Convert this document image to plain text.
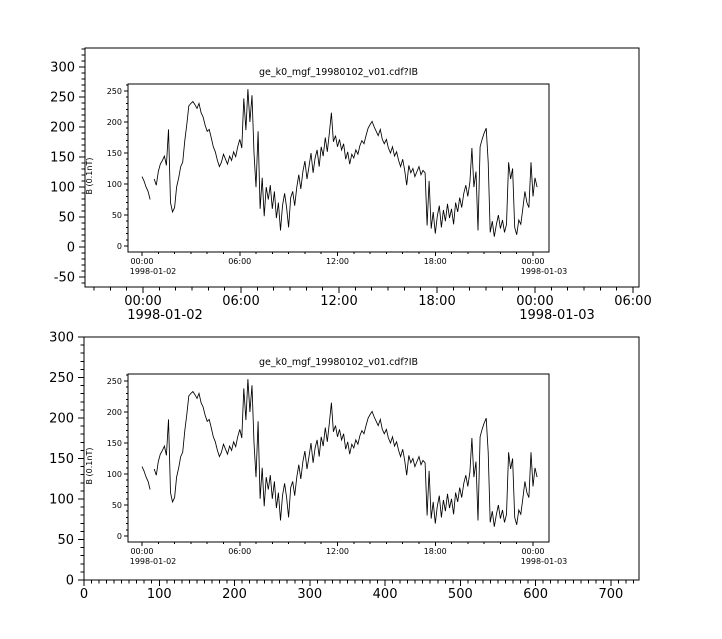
300
250
200
150
100
50
0
-50
00:00	06:00	12:00	18:00	00:00	06:00
1998-01-02	1998-01-03
ge_k0_mgf_19980102_v01.cdf?IB
B (0.1nT)
250
200
150
100
50
0
00:00	06:00	12:00	18:00	00:00
1998-01-02	1998-01-03
300
250
200
150
100
50
0
0	100	200	300	400	500	600	700
ge_k0_mgf_19980102_v01.cdf?IB
B (0.1nT)
250
200
150
100
50
0
00:00	06:00	12:00	18:00	00:00
1998-01-02	1998-01-03
